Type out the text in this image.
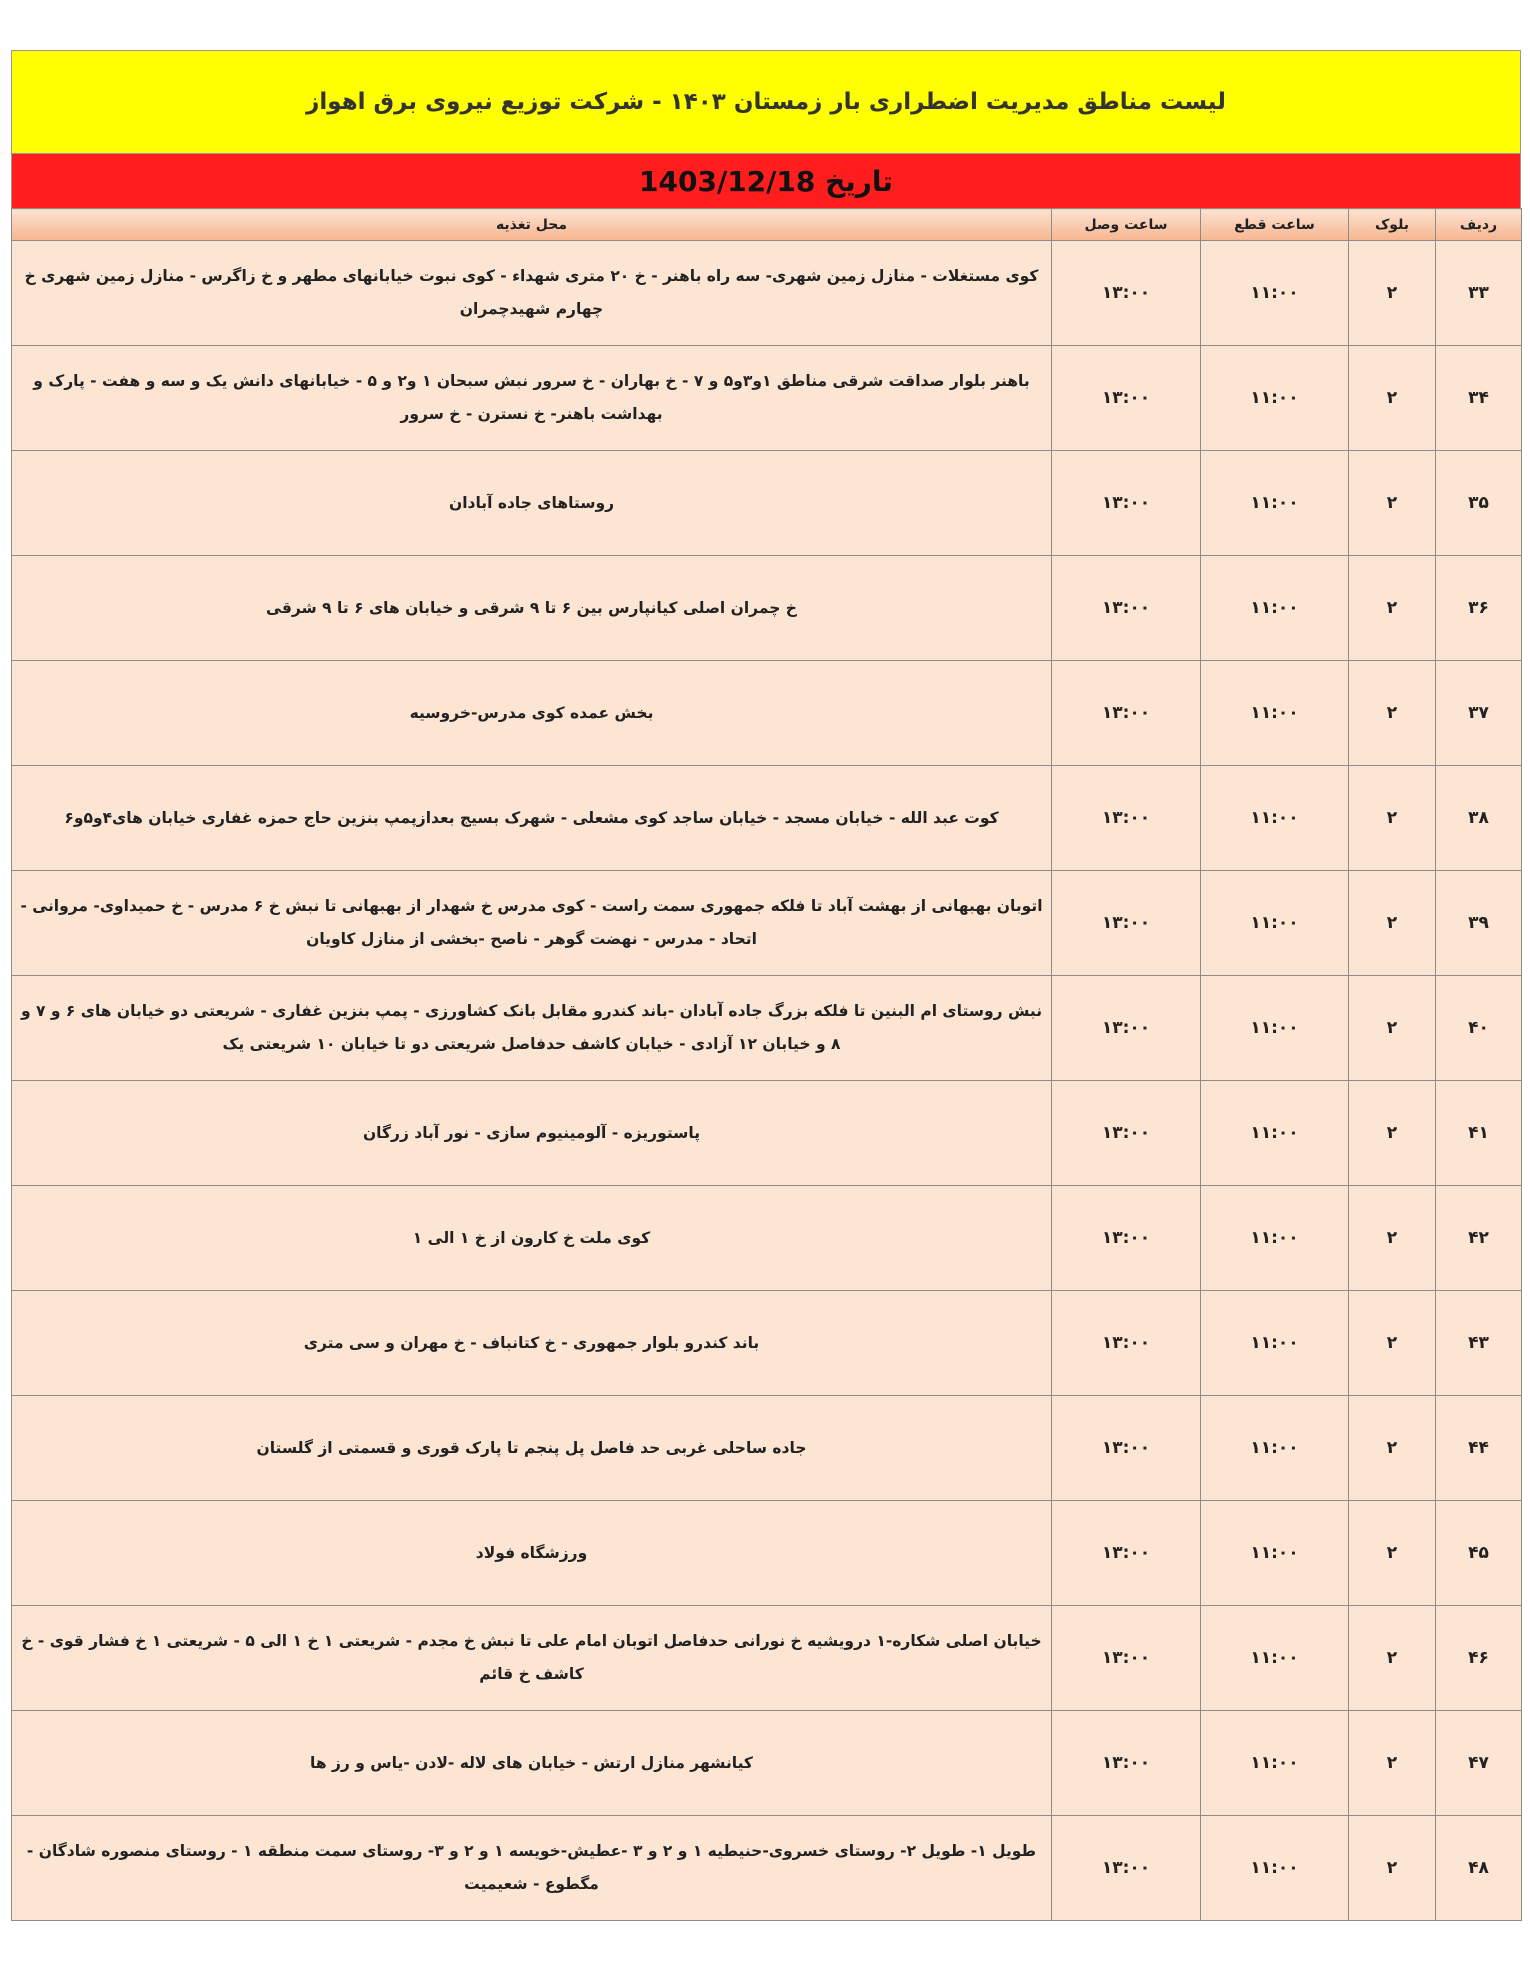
لیست مناطق مدیریت اضطراری بار زمستان ۱۴۰۳ - شرکت توزیع نیروی برق اهواز
تاریخ 1403/12/18
ردیف	بلوک	ساعت قطع	ساعت وصل	محل تغذیه
۳۳	۲	۱۱:۰۰	۱۳:۰۰	کوی مستغلات - منازل زمین شهری- سه راه باهنر - خ ۲۰ متری شهداء - کوی نبوت خیابانهای مطهر و خ زاگرس - منازل زمین شهری خ چهارم شهیدچمران
۳۴	۲	۱۱:۰۰	۱۳:۰۰	باهنر بلوار صداقت شرقی مناطق ۱و۳و۵ و ۷ - خ بهاران - خ سرور نبش سبحان ۱ و۲ و ۵ - خیابانهای دانش یک و سه و هفت - پارک و بهداشت باهنر- خ نسترن - خ سرور
۳۵	۲	۱۱:۰۰	۱۳:۰۰	روستاهای جاده آبادان
۳۶	۲	۱۱:۰۰	۱۳:۰۰	خ چمران اصلی کیانپارس بین ۶ تا ۹ شرقی و خیابان های ۶ تا ۹ شرقی
۳۷	۲	۱۱:۰۰	۱۳:۰۰	بخش عمده کوی مدرس-خروسیه
۳۸	۲	۱۱:۰۰	۱۳:۰۰	کوت عبد الله - خیابان مسجد - خیابان ساجد کوی مشعلی - شهرک بسیج بعدازپمپ بنزین حاج حمزه غفاری خیابان های۴و۵و۶
۳۹	۲	۱۱:۰۰	۱۳:۰۰	اتوبان بهبهانی از بهشت آباد تا فلکه جمهوری سمت راست - کوی مدرس خ شهدار از بهبهانی تا نبش خ ۶ مدرس - خ حمیداوی- مروانی - اتحاد - مدرس - نهضت گوهر - ناصح -بخشی از منازل کاویان
۴۰	۲	۱۱:۰۰	۱۳:۰۰	نبش روستای ام البنین تا فلکه بزرگ جاده آبادان -باند کندرو مقابل بانک کشاورزی - پمپ بنزین غفاری - شریعتی دو خیابان های ۶ و ۷ و ۸ و خیابان ۱۲ آزادی - خیابان کاشف حدفاصل شریعتی دو تا خیابان ۱۰ شریعتی یک
۴۱	۲	۱۱:۰۰	۱۳:۰۰	پاستوریزه - آلومینیوم سازی - نور آباد زرگان
۴۲	۲	۱۱:۰۰	۱۳:۰۰	کوی ملت خ کارون از خ ۱ الی ۱
۴۳	۲	۱۱:۰۰	۱۳:۰۰	باند کندرو بلوار جمهوری - خ کتانباف - خ مهران و سی متری
۴۴	۲	۱۱:۰۰	۱۳:۰۰	جاده ساحلی غربی حد فاصل پل پنجم تا پارک قوری و قسمتی از گلستان
۴۵	۲	۱۱:۰۰	۱۳:۰۰	ورزشگاه فولاد
۴۶	۲	۱۱:۰۰	۱۳:۰۰	خیابان اصلی شکاره-۱ درویشیه خ نورانی حدفاصل اتوبان امام علی تا نبش خ مجدم - شریعتی ۱ خ ۱ الی ۵ - شریعتی ۱ خ فشار قوی - خ کاشف خ قائم
۴۷	۲	۱۱:۰۰	۱۳:۰۰	کیانشهر منازل ارتش - خیابان های لاله -لادن -یاس و رز ها
۴۸	۲	۱۱:۰۰	۱۳:۰۰	طویل ۱- طویل ۲- روستای خسروی-حنیطیه ۱ و ۲ و ۳ -عطیش-خویسه ۱ و ۲ و ۳- روستای سمت منطقه ۱ - روستای منصوره شادگان - مگطوع - شعیمیت
